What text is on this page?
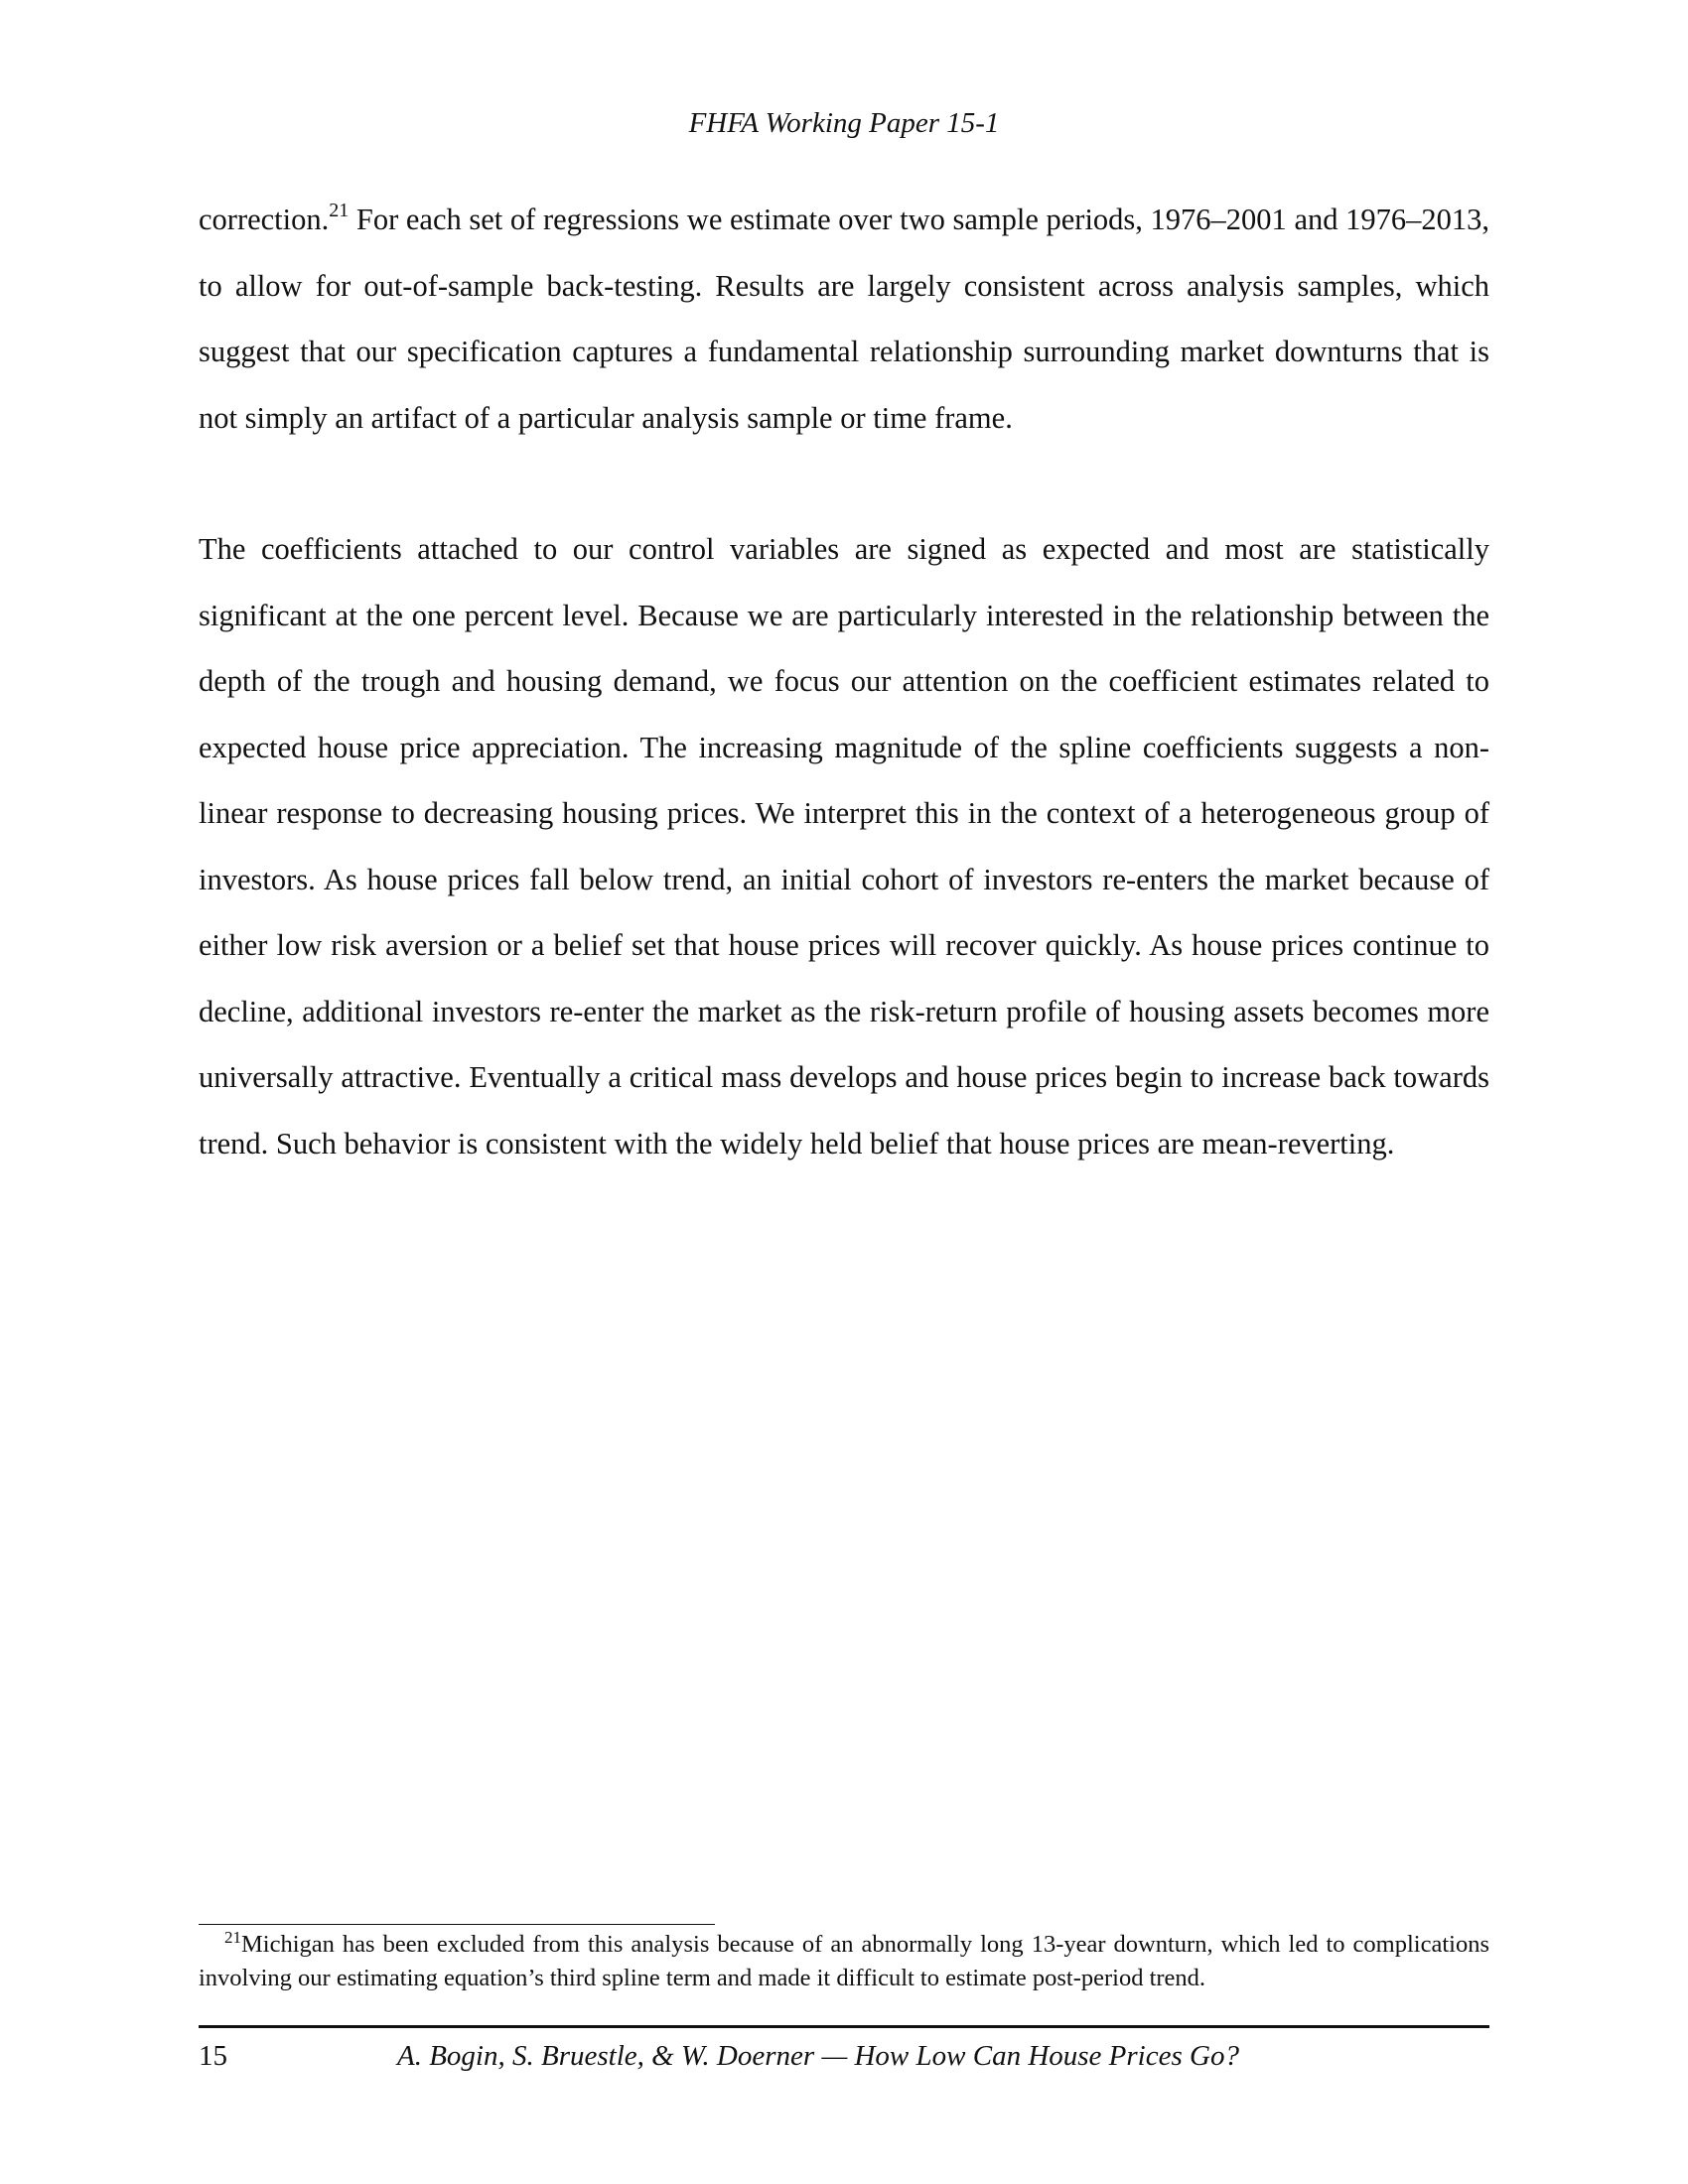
FHFA Working Paper 15-1

correction.$^{21}$ For each set of regressions we estimate over two sample periods, 1976–2001 and 1976–2013, to allow for out-of-sample back-testing. Results are largely consistent across analysis samples, which suggest that our specification captures a fundamental relationship surrounding market downturns that is not simply an artifact of a particular analysis sample or time frame.

The coefficients attached to our control variables are signed as expected and most are statistically significant at the one percent level. Because we are particularly interested in the relationship between the depth of the trough and housing demand, we focus our attention on the coefficient estimates related to expected house price appreciation. The increasing magnitude of the spline coefficients suggests a non-linear response to decreasing housing prices. We interpret this in the context of a heterogeneous group of investors. As house prices fall below trend, an initial cohort of investors re-enters the market because of either low risk aversion or a belief set that house prices will recover quickly. As house prices continue to decline, additional investors re-enter the market as the risk-return profile of housing assets becomes more universally attractive. Eventually a critical mass develops and house prices begin to increase back towards trend. Such behavior is consistent with the widely held belief that house prices are mean-reverting.

$^{21}$Michigan has been excluded from this analysis because of an abnormally long 13-year downturn, which led to complications involving our estimating equation’s third spline term and made it difficult to estimate post-period trend.

15	A. Bogin, S. Bruestle, & W. Doerner — How Low Can House Prices Go?
